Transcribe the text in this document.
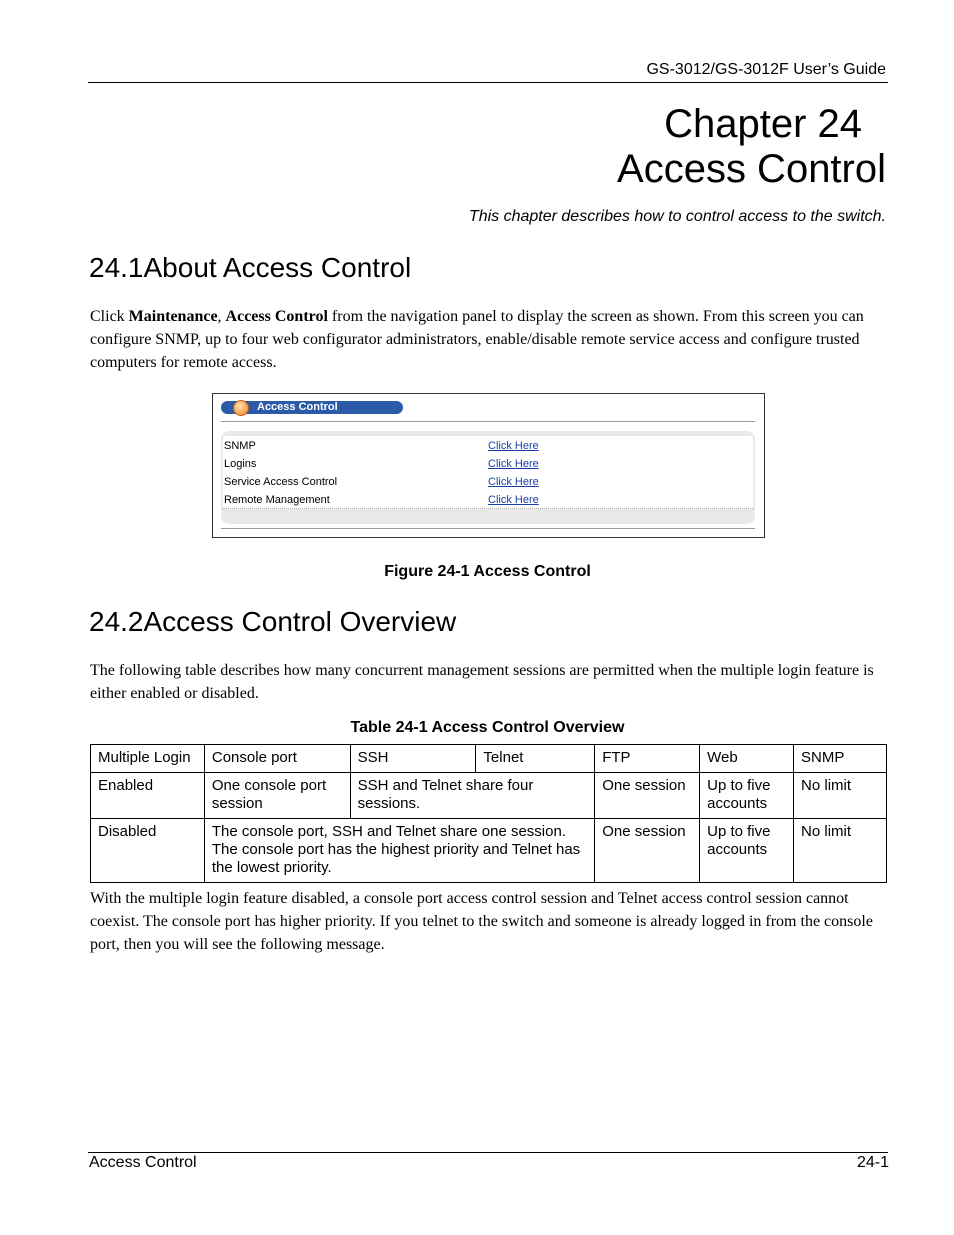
GS-3012/GS-3012F User’s Guide
Chapter 24
Access Control
This chapter describes how to control access to the switch.
24.1About Access Control
Click Maintenance, Access Control from the navigation panel to display the screen as shown. From this screen you can configure SNMP, up to four web configurator administrators, enable/disable remote service access and configure trusted computers for remote access.
Access Control
SNMP	Click Here
Logins	Click Here
Service Access Control	Click Here
Remote Management	Click Here
Figure 24-1 Access Control
24.2Access Control Overview
The following table describes how many concurrent management sessions are permitted when the multiple login feature is either enabled or disabled.
Table 24-1 Access Control Overview
Multiple Login	Console port	SSH	Telnet	FTP	Web	SNMP
Enabled	One console port session	SSH and Telnet share four sessions.		One session	Up to five accounts	No limit
Disabled	The console port, SSH and Telnet share one session. The console port has the highest priority and Telnet has the lowest priority.			One session	Up to five accounts	No limit
With the multiple login feature disabled, a console port access control session and Telnet access control session cannot coexist. The console port has higher priority. If you telnet to the switch and someone is already logged in from the console port, then you will see the following message.
Access Control	24-1
